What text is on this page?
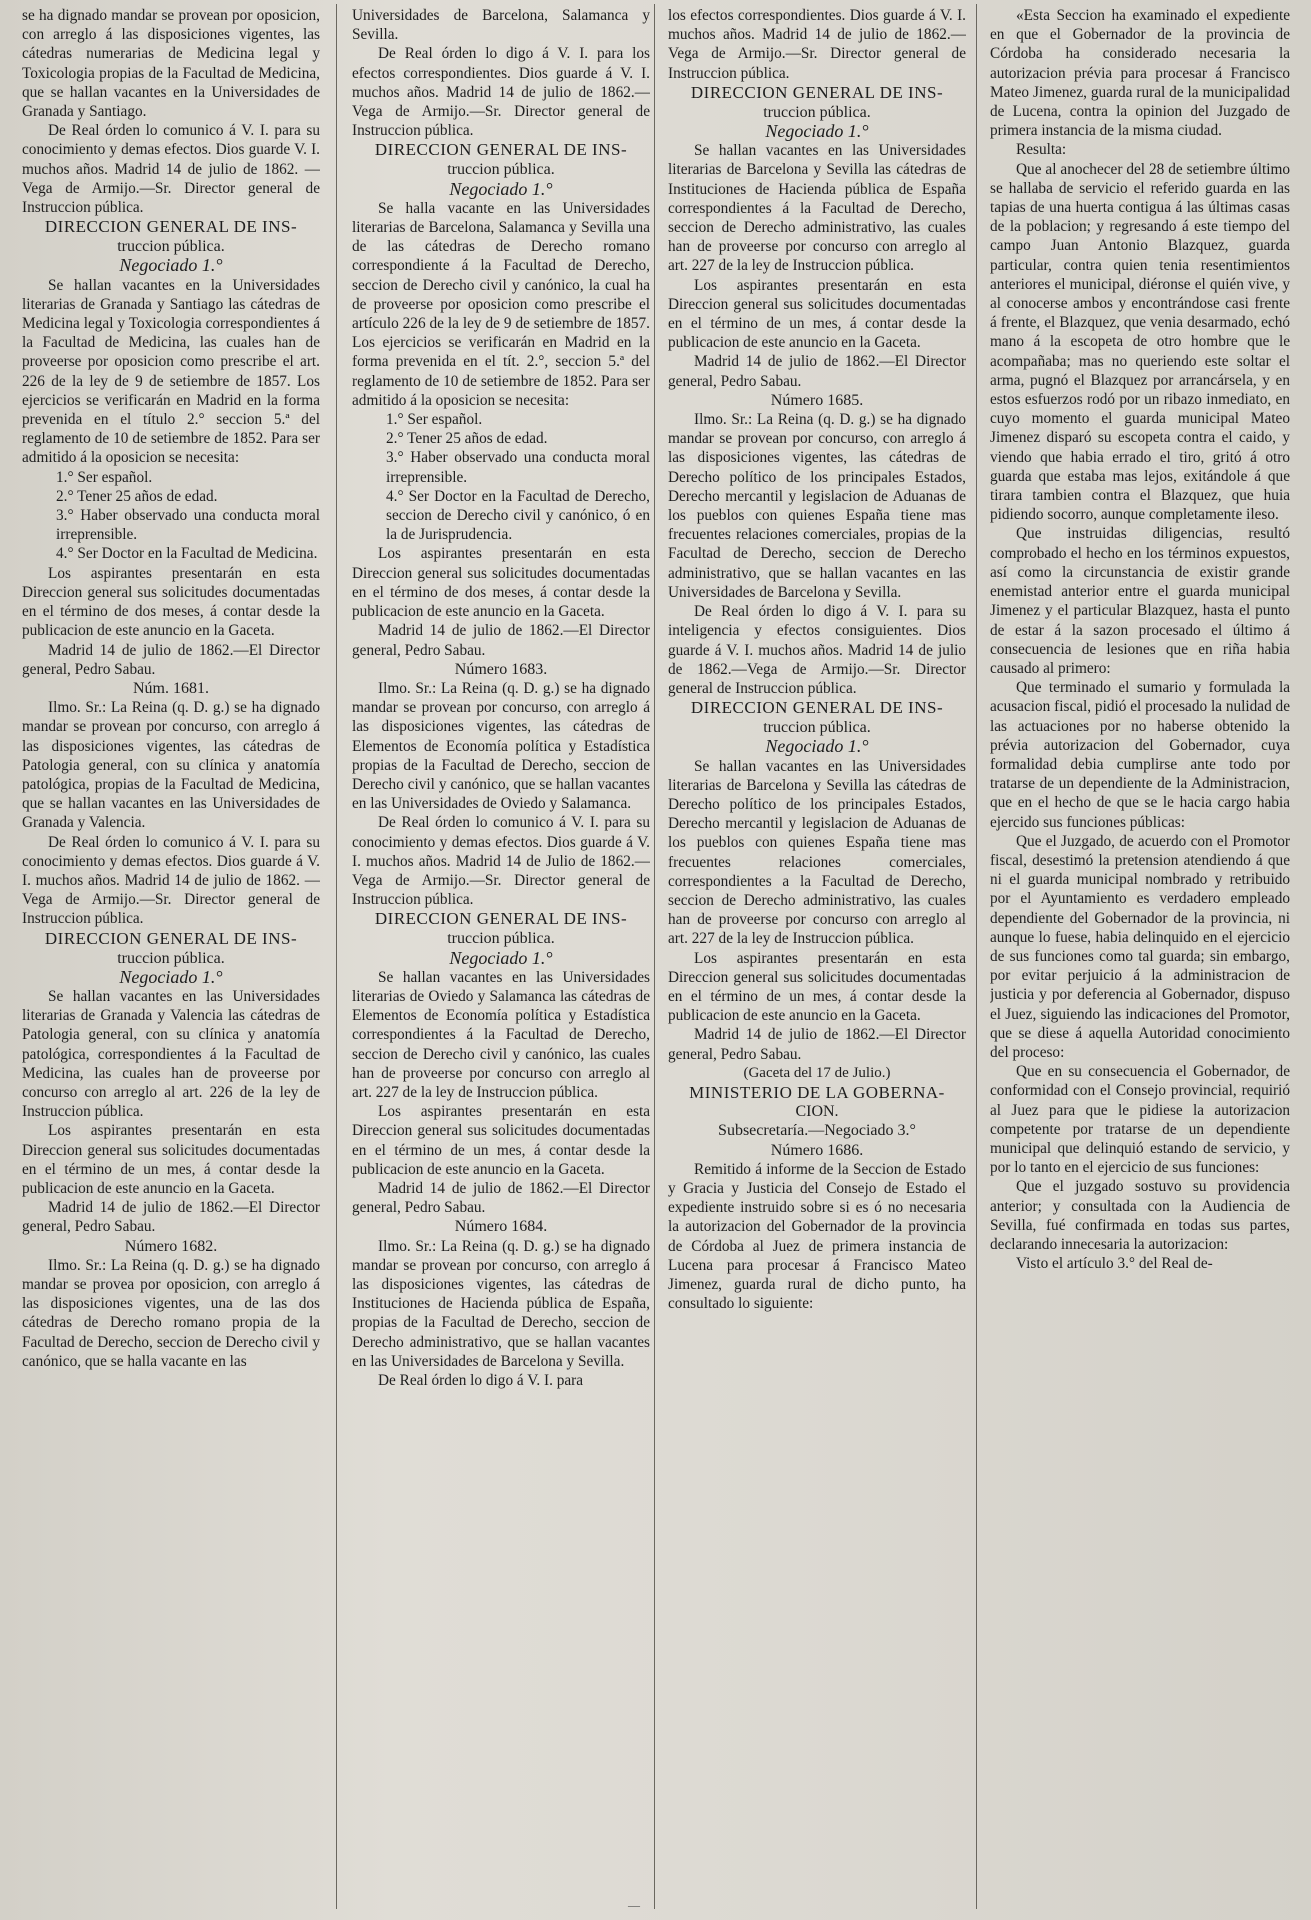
se ha dignado mandar se provean por oposicion, con arreglo á las disposiciones vigentes, las cátedras numerarias de Medicina legal y Toxicologia propias de la Facultad de Medicina, que se hallan vacantes en la Universidades de Granada y Santiago.

De Real órden lo comunico á V. I. para su conocimiento y demas efectos. Dios guarde V. I. muchos años. Madrid 14 de julio de 1862. —Vega de Armijo.—Sr. Director general de Instruccion pública.

DIRECCION GENERAL DE INS-

truccion pública.

Negociado 1.°

Se hallan vacantes en la Universidades literarias de Granada y Santiago las cátedras de Medicina legal y Toxicologia correspondientes á la Facultad de Medicina, las cuales han de proveerse por oposicion como prescribe el art. 226 de la ley de 9 de setiembre de 1857. Los ejercicios se verificarán en Madrid en la forma prevenida en el título 2.° seccion 5.ª del reglamento de 10 de setiembre de 1852. Para ser admitido á la oposicion se necesita:

1.° Ser español.

2.° Tener 25 años de edad.

3.° Haber observado una conducta moral irreprensible.

4.° Ser Doctor en la Facultad de Medicina.

Los aspirantes presentarán en esta Direccion general sus solicitudes documentadas en el término de dos meses, á contar desde la publicacion de este anuncio en la Gaceta.

Madrid 14 de julio de 1862.—El Director general, Pedro Sabau.

Núm. 1681.

Ilmo. Sr.: La Reina (q. D. g.) se ha dignado mandar se provean por concurso, con arreglo á las disposiciones vigentes, las cátedras de Patologia general, con su clínica y anatomía patológica, propias de la Facultad de Medicina, que se hallan vacantes en las Universidades de Granada y Valencia.

De Real órden lo comunico á V. I. para su conocimiento y demas efectos. Dios guarde á V. I. muchos años. Madrid 14 de julio de 1862. —Vega de Armijo.—Sr. Director general de Instruccion pública.

DIRECCION GENERAL DE INS-

truccion pública.

Negociado 1.°

Se hallan vacantes en las Universidades literarias de Granada y Valencia las cátedras de Patologia general, con su clínica y anatomía patológica, correspondientes á la Facultad de Medicina, las cuales han de proveerse por concurso con arreglo al art. 226 de la ley de Instruccion pública.

Los aspirantes presentarán en esta Direccion general sus solicitudes documentadas en el término de un mes, á contar desde la publicacion de este anuncio en la Gaceta.

Madrid 14 de julio de 1862.—El Director general, Pedro Sabau.

Número 1682.

Ilmo. Sr.: La Reina (q. D. g.) se ha dignado mandar se provea por oposicion, con arreglo á las disposiciones vigentes, una de las dos cátedras de Derecho romano propia de la Facultad de Derecho, seccion de Derecho civil y canónico, que se halla vacante en las

Universidades de Barcelona, Salamanca y Sevilla.

De Real órden lo digo á V. I. para los efectos correspondientes. Dios guarde á V. I. muchos años. Madrid 14 de julio de 1862.—Vega de Armijo.—Sr. Director general de Instruccion pública.

DIRECCION GENERAL DE INS-

truccion pública.

Negociado 1.°

Se halla vacante en las Universidades literarias de Barcelona, Salamanca y Sevilla una de las cátedras de Derecho romano correspondiente á la Facultad de Derecho, seccion de Derecho civil y canónico, la cual ha de proveerse por oposicion como prescribe el artículo 226 de la ley de 9 de setiembre de 1857. Los ejercicios se verificarán en Madrid en la forma prevenida en el tít. 2.°, seccion 5.ª del reglamento de 10 de setiembre de 1852. Para ser admitido á la oposicion se necesita:

1.° Ser español.

2.° Tener 25 años de edad.

3.° Haber observado una conducta moral irreprensible.

4.° Ser Doctor en la Facultad de Derecho, seccion de Derecho civil y canónico, ó en la de Jurisprudencia.

Los aspirantes presentarán en esta Direccion general sus solicitudes documentadas en el término de dos meses, á contar desde la publicacion de este anuncio en la Gaceta.

Madrid 14 de julio de 1862.—El Director general, Pedro Sabau.

Número 1683.

Ilmo. Sr.: La Reina (q. D. g.) se ha dignado mandar se provean por concurso, con arreglo á las disposiciones vigentes, las cátedras de Elementos de Economía política y Estadística propias de la Facultad de Derecho, seccion de Derecho civil y canónico, que se hallan vacantes en las Universidades de Oviedo y Salamanca.

De Real órden lo comunico á V. I. para su conocimiento y demas efectos. Dios guarde á V. I. muchos años. Madrid 14 de Julio de 1862.—Vega de Armijo.—Sr. Director general de Instruccion pública.

DIRECCION GENERAL DE INS-

truccion pública.

Negociado 1.°

Se hallan vacantes en las Universidades literarias de Oviedo y Salamanca las cátedras de Elementos de Economía política y Estadística correspondientes á la Facultad de Derecho, seccion de Derecho civil y canónico, las cuales han de proveerse por concurso con arreglo al art. 227 de la ley de Instruccion pública.

Los aspirantes presentarán en esta Direccion general sus solicitudes documentadas en el término de un mes, á contar desde la publicacion de este anuncio en la Gaceta.

Madrid 14 de julio de 1862.—El Director general, Pedro Sabau.

Número 1684.

Ilmo. Sr.: La Reina (q. D. g.) se ha dignado mandar se provean por concurso, con arreglo á las disposiciones vigentes, las cátedras de Instituciones de Hacienda pública de España, propias de la Facultad de Derecho, seccion de Derecho administrativo, que se hallan vacantes en las Universidades de Barcelona y Sevilla.

De Real órden lo digo á V. I. para

los efectos correspondientes. Dios guarde á V. I. muchos años. Madrid 14 de julio de 1862.—Vega de Armijo.—Sr. Director general de Instruccion pública.

DIRECCION GENERAL DE INS-

truccion pública.

Negociado 1.°

Se hallan vacantes en las Universidades literarias de Barcelona y Sevilla las cátedras de Instituciones de Hacienda pública de España correspondientes á la Facultad de Derecho, seccion de Derecho administrativo, las cuales han de proveerse por concurso con arreglo al art. 227 de la ley de Instruccion pública.

Los aspirantes presentarán en esta Direccion general sus solicitudes documentadas en el término de un mes, á contar desde la publicacion de este anuncio en la Gaceta.

Madrid 14 de julio de 1862.—El Director general, Pedro Sabau.

Número 1685.

Ilmo. Sr.: La Reina (q. D. g.) se ha dignado mandar se provean por concurso, con arreglo á las disposiciones vigentes, las cátedras de Derecho político de los principales Estados, Derecho mercantil y legislacion de Aduanas de los pueblos con quienes España tiene mas frecuentes relaciones comerciales, propias de la Facultad de Derecho, seccion de Derecho administrativo, que se hallan vacantes en las Universidades de Barcelona y Sevilla.

De Real órden lo digo á V. I. para su inteligencia y efectos consiguientes. Dios guarde á V. I. muchos años. Madrid 14 de julio de 1862.—Vega de Armijo.—Sr. Director general de Instruccion pública.

DIRECCION GENERAL DE INS-

truccion pública.

Negociado 1.°

Se hallan vacantes en las Universidades literarias de Barcelona y Sevilla las cátedras de Derecho político de los principales Estados, Derecho mercantil y legislacion de Aduanas de los pueblos con quienes España tiene mas frecuentes relaciones comerciales, correspondientes a la Facultad de Derecho, seccion de Derecho administrativo, las cuales han de proveerse por concurso con arreglo al art. 227 de la ley de Instruccion pública.

Los aspirantes presentarán en esta Direccion general sus solicitudes documentadas en el término de un mes, á contar desde la publicacion de este anuncio en la Gaceta.

Madrid 14 de julio de 1862.—El Director general, Pedro Sabau.

(Gaceta del 17 de Julio.)

MINISTERIO DE LA GOBERNA-

CION.

Subsecretaría.—Negociado 3.°

Número 1686.

Remitido á informe de la Seccion de Estado y Gracia y Justicia del Consejo de Estado el expediente instruido sobre si es ó no necesaria la autorizacion del Gobernador de la provincia de Córdoba al Juez de primera instancia de Lucena para procesar á Francisco Mateo Jimenez, guarda rural de dicho punto, ha consultado lo siguiente:

«Esta Seccion ha examinado el expediente en que el Gobernador de la provincia de Córdoba ha considerado necesaria la autorizacion prévia para procesar á Francisco Mateo Jimenez, guarda rural de la municipalidad de Lucena, contra la opinion del Juzgado de primera instancia de la misma ciudad.

Resulta:

Que al anochecer del 28 de setiembre último se hallaba de servicio el referido guarda en las tapias de una huerta contigua á las últimas casas de la poblacion; y regresando á este tiempo del campo Juan Antonio Blazquez, guarda particular, contra quien tenia resentimientos anteriores el municipal, diéronse el quién vive, y al conocerse ambos y encontrándose casi frente á frente, el Blazquez, que venia desarmado, echó mano á la escopeta de otro hombre que le acompañaba; mas no queriendo este soltar el arma, pugnó el Blazquez por arrancársela, y en estos esfuerzos rodó por un ribazo inmediato, en cuyo momento el guarda municipal Mateo Jimenez disparó su escopeta contra el caido, y viendo que habia errado el tiro, gritó á otro guarda que estaba mas lejos, exitándole á que tirara tambien contra el Blazquez, que huia pidiendo socorro, aunque completamente ileso.

Que instruidas diligencias, resultó comprobado el hecho en los términos expuestos, así como la circunstancia de existir grande enemistad anterior entre el guarda municipal Jimenez y el particular Blazquez, hasta el punto de estar á la sazon procesado el último á consecuencia de lesiones que en riña habia causado al primero:

Que terminado el sumario y formulada la acusacion fiscal, pidió el procesado la nulidad de las actuaciones por no haberse obtenido la prévia autorizacion del Gobernador, cuya formalidad debia cumplirse ante todo por tratarse de un dependiente de la Administracion, que en el hecho de que se le hacia cargo habia ejercido sus funciones públicas:

Que el Juzgado, de acuerdo con el Promotor fiscal, desestimó la pretension atendiendo á que ni el guarda municipal nombrado y retribuido por el Ayuntamiento es verdadero empleado dependiente del Gobernador de la provincia, ni aunque lo fuese, habia delinquido en el ejercicio de sus funciones como tal guarda; sin embargo, por evitar perjuicio á la administracion de justicia y por deferencia al Gobernador, dispuso el Juez, siguiendo las indicaciones del Promotor, que se diese á aquella Autoridad conocimiento del proceso:

Que en su consecuencia el Gobernador, de conformidad con el Consejo provincial, requirió al Juez para que le pidiese la autorizacion competente por tratarse de un dependiente municipal que delinquió estando de servicio, y por lo tanto en el ejercicio de sus funciones:

Que el juzgado sostuvo su providencia anterior; y consultada con la Audiencia de Sevilla, fué confirmada en todas sus partes, declarando innecesaria la autorizacion:

Visto el artículo 3.° del Real de-

—
